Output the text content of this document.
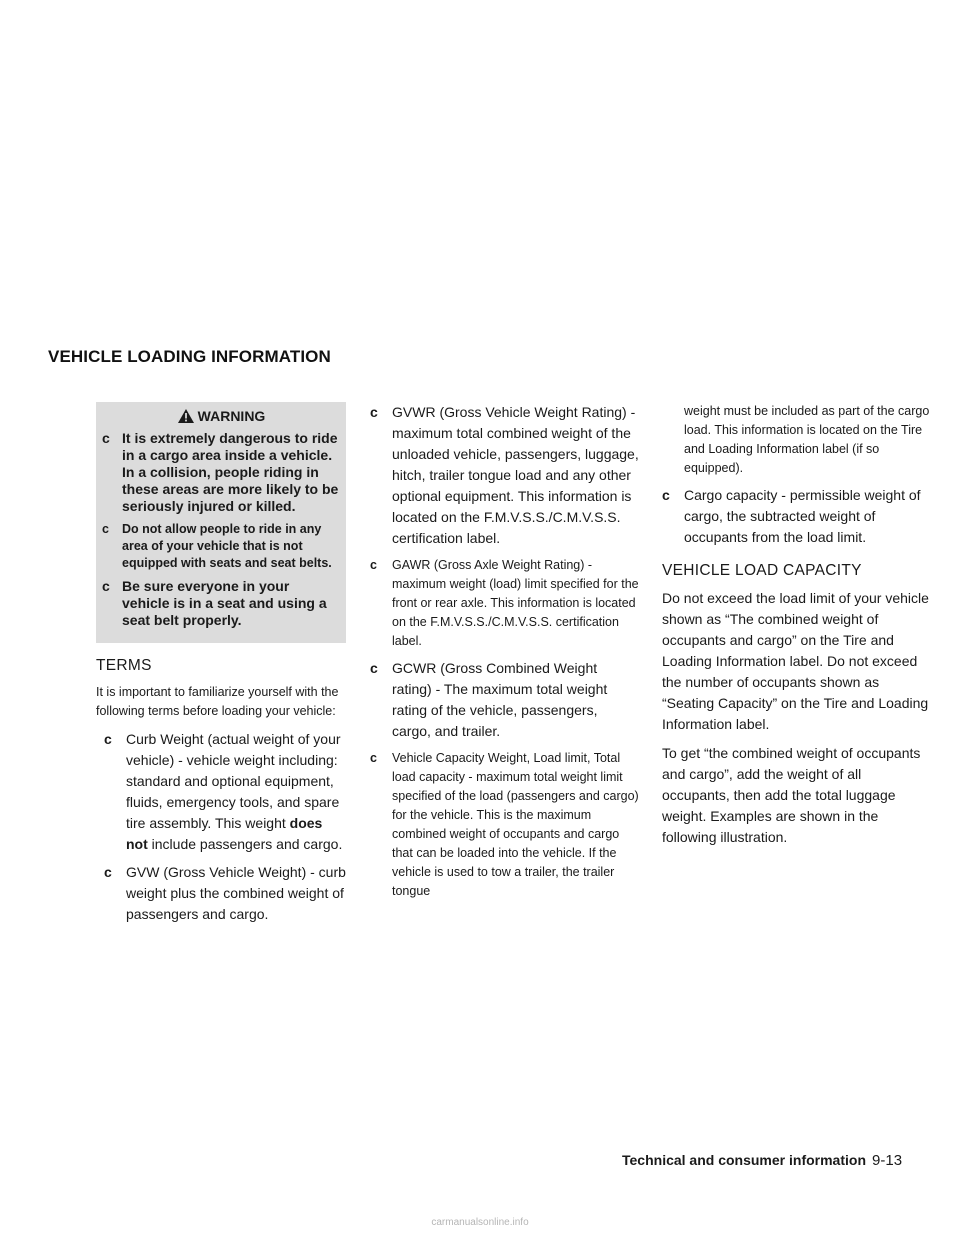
VEHICLE LOADING INFORMATION
WARNING
c It is extremely dangerous to ride in a cargo area inside a vehicle. In a collision, people riding in these areas are more likely to be seriously injured or killed.
c Do not allow people to ride in any area of your vehicle that is not equipped with seats and seat belts.
c Be sure everyone in your vehicle is in a seat and using a seat belt properly.
TERMS

It is important to familiarize yourself with the following terms before loading your vehicle:

c Curb Weight (actual weight of your vehicle) - vehicle weight including: standard and optional equipment, fluids, emergency tools, and spare tire assembly. This weight does not include passengers and cargo.
c GVW (Gross Vehicle Weight) - curb weight plus the combined weight of passengers and cargo.
c GVWR (Gross Vehicle Weight Rating) - maximum total combined weight of the unloaded vehicle, passengers, luggage, hitch, trailer tongue load and any other optional equipment. This information is located on the F.M.V.S.S./C.M.V.S.S. certification label.
c GAWR (Gross Axle Weight Rating) - maximum weight (load) limit specified for the front or rear axle. This information is located on the F.M.V.S.S./C.M.V.S.S. certification label.
c GCWR (Gross Combined Weight rating) - The maximum total weight rating of the vehicle, passengers, cargo, and trailer.
c Vehicle Capacity Weight, Load limit, Total load capacity - maximum total weight limit specified of the load (passengers and cargo) for the vehicle. This is the maximum combined weight of occupants and cargo that can be loaded into the vehicle. If the vehicle is used to tow a trailer, the trailer tongue
weight must be included as part of the cargo load. This information is located on the Tire and Loading Information label (if so equipped).
c Cargo capacity - permissible weight of cargo, the subtracted weight of occupants from the load limit.
VEHICLE LOAD CAPACITY

Do not exceed the load limit of your vehicle shown as “The combined weight of occupants and cargo” on the Tire and Loading Information label. Do not exceed the number of occupants shown as “Seating Capacity” on the Tire and Loading Information label.

To get “the combined weight of occupants and cargo”, add the weight of all occupants, then add the total luggage weight. Examples are shown in the following illustration.

Technical and consumer information 9-13
carmanualsonline.info
